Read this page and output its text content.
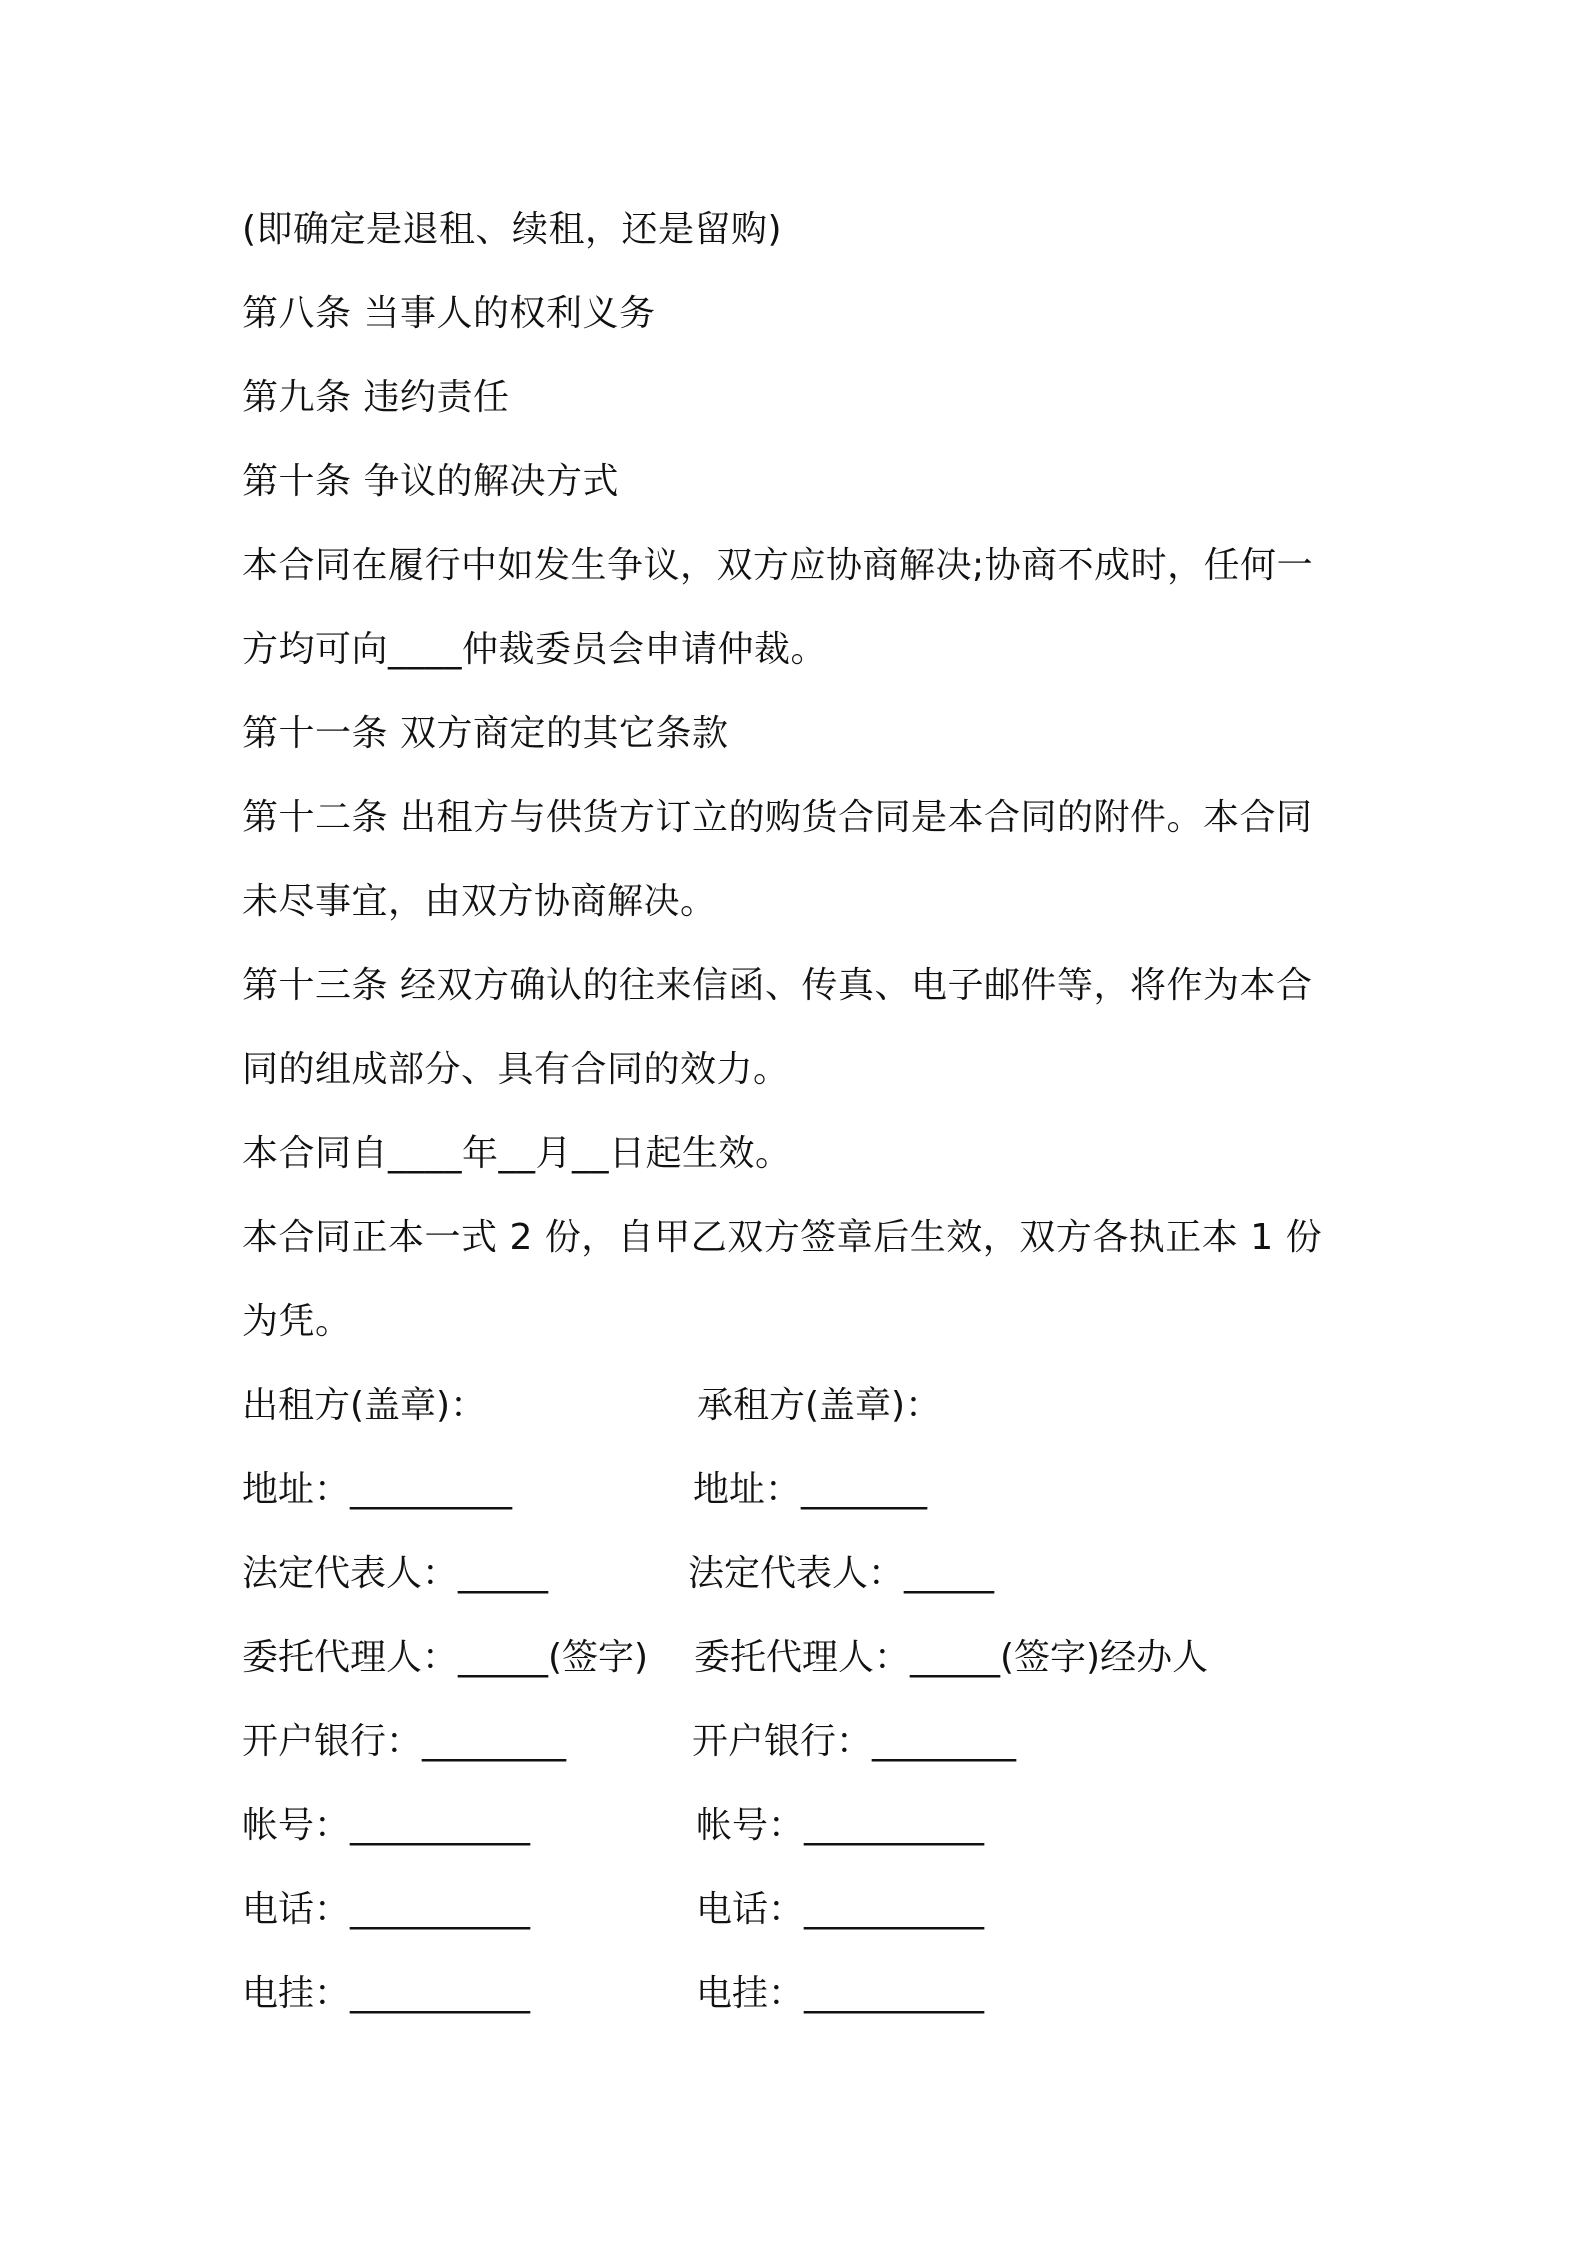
(即确定是退租、续租，还是留购)
第八条 当事人的权利义务
第九条 违约责任
第十条 争议的解决方式
本合同在履行中如发生争议，双方应协商解决;协商不成时，任何一
方均可向____仲裁委员会申请仲裁。
第十一条 双方商定的其它条款
第十二条 出租方与供货方订立的购货合同是本合同的附件。本合同
未尽事宜，由双方协商解决。
第十三条 经双方确认的往来信函、传真、电子邮件等，将作为本合
同的组成部分、具有合同的效力。
本合同自____年__月__日起生效。
本合同正本一式 2 份，自甲乙双方签章后生效，双方各执正本 1 份
为凭。
出租方(盖章)：	承租方(盖章)：
地址：_________	地址：_______
法定代表人：_____	法定代表人：_____
委托代理人：_____(签字) 委托代理人：_____(签字)经办人
开户银行：________	开户银行：________
帐号：__________	帐号：__________
电话：__________	电话：__________
电挂：__________	电挂：__________
